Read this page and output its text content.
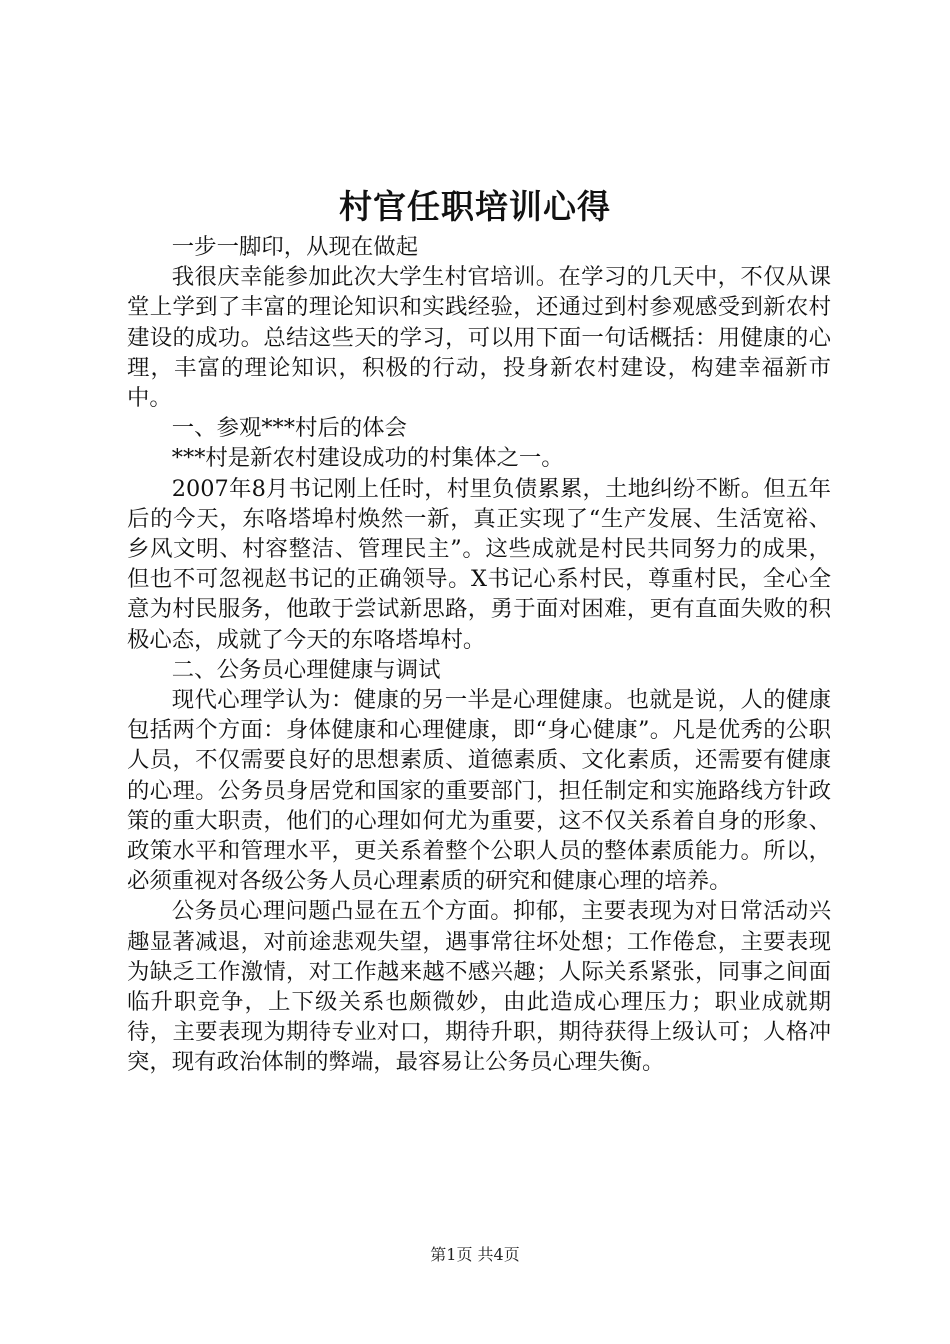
村官任职培训心得

一步一脚印，从现在做起

我很庆幸能参加此次大学生村官培训。在学习的几天中，不仅从课堂上学到了丰富的理论知识和实践经验，还通过到村参观感受到新农村建设的成功。总结这些天的学习，可以用下面一句话概括：用健康的心理，丰富的理论知识，积极的行动，投身新农村建设，构建幸福新市中。

一、参观***村后的体会

***村是新农村建设成功的村集体之一。

2007年8月书记刚上任时，村里负债累累，土地纠纷不断。但五年后的今天，东咯塔埠村焕然一新，真正实现了“生产发展、生活宽裕、乡风文明、村容整洁、管理民主”。这些成就是村民共同努力的成果，但也不可忽视赵书记的正确领导。X书记心系村民，尊重村民，全心全意为村民服务，他敢于尝试新思路，勇于面对困难，更有直面失败的积极心态，成就了今天的东咯塔埠村。

二、公务员心理健康与调试

现代心理学认为：健康的另一半是心理健康。也就是说，人的健康包括两个方面：身体健康和心理健康，即“身心健康”。凡是优秀的公职人员，不仅需要良好的思想素质、道德素质、文化素质，还需要有健康的心理。公务员身居党和国家的重要部门，担任制定和实施路线方针政策的重大职责，他们的心理如何尤为重要，这不仅关系着自身的形象、政策水平和管理水平，更关系着整个公职人员的整体素质能力。所以，必须重视对各级公务人员心理素质的研究和健康心理的培养。

公务员心理问题凸显在五个方面。抑郁，主要表现为对日常活动兴趣显著减退，对前途悲观失望，遇事常往坏处想；工作倦怠，主要表现为缺乏工作激情，对工作越来越不感兴趣；人际关系紧张，同事之间面临升职竞争，上下级关系也颇微妙，由此造成心理压力；职业成就期待，主要表现为期待专业对口，期待升职，期待获得上级认可；人格冲突，现有政治体制的弊端，最容易让公务员心理失衡。

第1页 共4页
